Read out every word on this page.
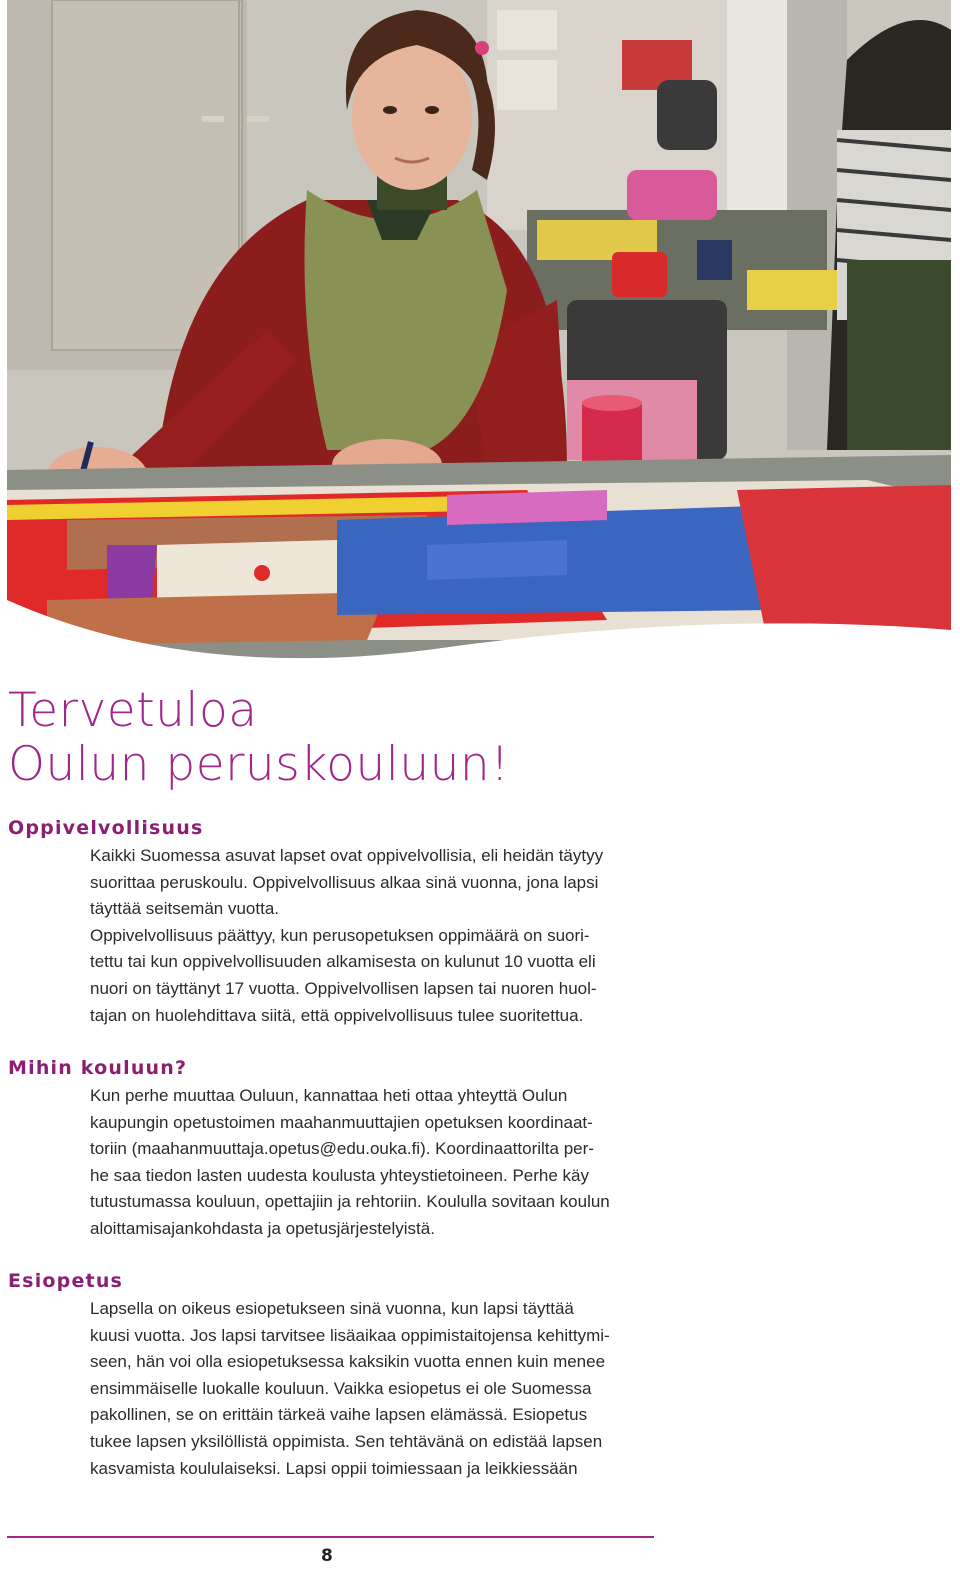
Tervetuloa
Oulun peruskouluun!
Oppivelvollisuus
Kaikki Suomessa asuvat lapset ovat oppivelvollisia, eli heidän täytyy
suorittaa peruskoulu. Oppivelvollisuus alkaa sinä vuonna, jona lapsi
täyttää seitsemän vuotta.
Oppivelvollisuus päättyy, kun perusopetuksen oppimäärä on suori-
tettu tai kun oppivelvollisuuden alkamisesta on kulunut 10 vuotta eli
nuori on täyttänyt 17 vuotta. Oppivelvollisen lapsen tai nuoren huol-
tajan on huolehdittava siitä, että oppivelvollisuus tulee suoritettua.
Mihin kouluun?
Kun perhe muuttaa Ouluun, kannattaa heti ottaa yhteyttä Oulun
kaupungin opetustoimen maahanmuuttajien opetuksen koordinaat-
toriin (maahanmuuttaja.opetus@edu.ouka.fi). Koordinaattorilta per-
he saa tiedon lasten uudesta koulusta yhteystietoineen. Perhe käy
tutustumassa kouluun, opettajiin ja rehtoriin. Koululla sovitaan koulun
aloittamisajankohdasta ja opetusjärjestelyistä.
Esiopetus
Lapsella on oikeus esiopetukseen sinä vuonna, kun lapsi täyttää
kuusi vuotta. Jos lapsi tarvitsee lisäaikaa oppimistaitojensa kehittymi-
seen, hän voi olla esiopetuksessa kaksikin vuotta ennen kuin menee
ensimmäiselle luokalle kouluun. Vaikka esiopetus ei ole Suomessa
pakollinen, se on erittäin tärkeä vaihe lapsen elämässä. Esiopetus
tukee lapsen yksilöllistä oppimista. Sen tehtävänä on edistää lapsen
kasvamista koululaiseksi. Lapsi oppii toimiessaan ja leikkiessään

8
